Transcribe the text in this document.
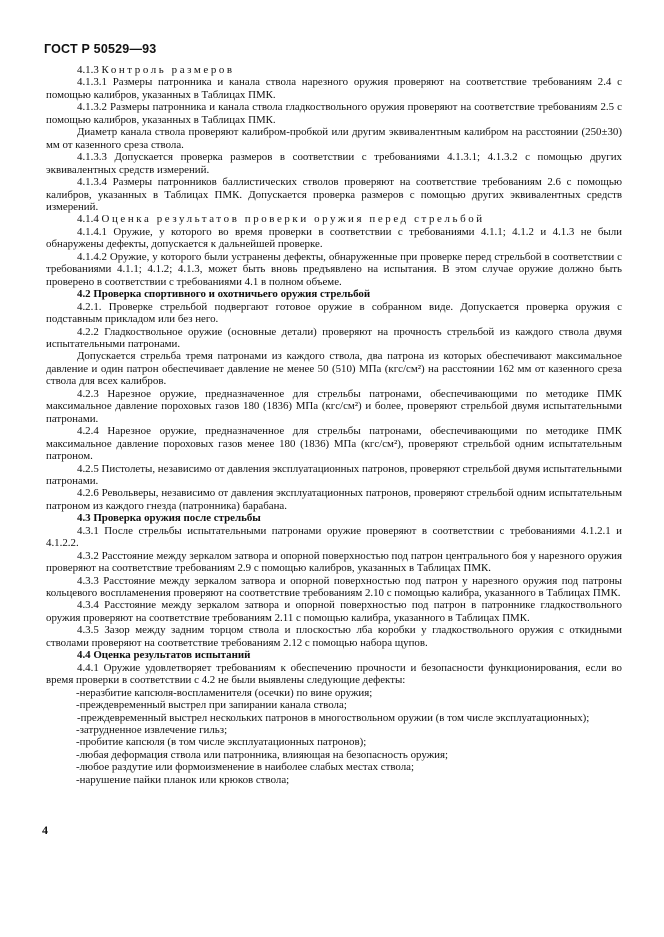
ГОСТ Р 50529—93

4.1.3 Контроль размеров

4.1.3.1 Размеры патронника и канала ствола нарезного оружия проверяют на соответствие требованиям 2.4 с помощью калибров, указанных в Таблицах ПМК.

4.1.3.2 Размеры патронника и канала ствола гладкоствольного оружия проверяют на соответствие требованиям 2.5 с помощью калибров, указанных в Таблицах ПМК.

Диаметр канала ствола проверяют калибром-пробкой или другим эквивалентным калибром на расстоянии (250±30) мм от казенного среза ствола.

4.1.3.3 Допускается проверка размеров в соответствии с требованиями 4.1.3.1; 4.1.3.2 с помощью других эквивалентных средств измерений.

4.1.3.4 Размеры патронников баллистических стволов проверяют на соответствие требованиям 2.6 с помощью калибров, указанных в Таблицах ПМК. Допускается проверка размеров с помощью других эквивалентных средств измерений.

4.1.4 Оценка результатов проверки оружия перед стрельбой

4.1.4.1 Оружие, у которого во время проверки в соответствии с требованиями 4.1.1; 4.1.2 и 4.1.3 не были обнаружены дефекты, допускается к дальнейшей проверке.

4.1.4.2 Оружие, у которого были устранены дефекты, обнаруженные при проверке перед стрельбой в соответствии с требованиями 4.1.1; 4.1.2; 4.1.3, может быть вновь предъявлено на испытания. В этом случае оружие должно быть проверено в соответствии с требованиями 4.1 в полном объеме.

4.2 Проверка спортивного и охотничьего оружия стрельбой

4.2.1. Проверке стрельбой подвергают готовое оружие в собранном виде. Допускается проверка оружия с подставным прикладом или без него.

4.2.2 Гладкоствольное оружие (основные детали) проверяют на прочность стрельбой из каждого ствола двумя испытательными патронами.

Допускается стрельба тремя патронами из каждого ствола, два патрона из которых обеспечивают максимальное давление и один патрон обеспечивает давление не менее 50 (510) МПа (кгс/см²) на расстоянии 162 мм от казенного среза ствола для всех калибров.

4.2.3 Нарезное оружие, предназначенное для стрельбы патронами, обеспечивающими по методике ПМК максимальное давление пороховых газов 180 (1836) МПа (кгс/см²) и более, проверяют стрельбой двумя испытательными патронами.

4.2.4 Нарезное оружие, предназначенное для стрельбы патронами, обеспечивающими по методике ПМК максимальное давление пороховых газов менее 180 (1836) МПа (кгс/см²), проверяют стрельбой одним испытательным патроном.

4.2.5 Пистолеты, независимо от давления эксплуатационных патронов, проверяют стрельбой двумя испытательными патронами.

4.2.6 Револьверы, независимо от давления эксплуатационных патронов, проверяют стрельбой одним испытательным патроном из каждого гнезда (патронника) барабана.

4.3 Проверка оружия после стрельбы

4.3.1 После стрельбы испытательными патронами оружие проверяют в соответствии с требованиями 4.1.2.1 и 4.1.2.2.

4.3.2 Расстояние между зеркалом затвора и опорной поверхностью под патрон центрального боя у нарезного оружия проверяют на соответствие требованиям 2.9 с помощью калибров, указанных в Таблицах ПМК.

4.3.3 Расстояние между зеркалом затвора и опорной поверхностью под патрон у нарезного оружия под патроны кольцевого воспламенения проверяют на соответствие требованиям 2.10 с помощью калибра, указанного в Таблицах ПМК.

4.3.4 Расстояние между зеркалом затвора и опорной поверхностью под патрон в патроннике гладкоствольного оружия проверяют на соответствие требованиям 2.11 с помощью калибра, указанного в Таблицах ПМК.

4.3.5 Зазор между задним торцом ствола и плоскостью лба коробки у гладкоствольного оружия с откидными стволами проверяют на соответствие требованиям 2.12 с помощью набора щупов.

4.4 Оценка результатов испытаний

4.4.1 Оружие удовлетворяет требованиям к обеспечению прочности и безопасности функционирования, если во время проверки в соответствии с 4.2 не были выявлены следующие дефекты:

-неразбитие капсюля-воспламенителя (осечки) по вине оружия;

-преждевременный выстрел при запирании канала ствола;

-преждевременный выстрел нескольких патронов в многоствольном оружии (в том числе эксплуатационных);

-затрудненное извлечение гильз;

-пробитие капсюля (в том числе эксплуатационных патронов);

-любая деформация ствола или патронника, влияющая на безопасность оружия;

-любое раздутие или формоизменение в наиболее слабых местах ствола;

-нарушение пайки планок или крюков ствола;

4
